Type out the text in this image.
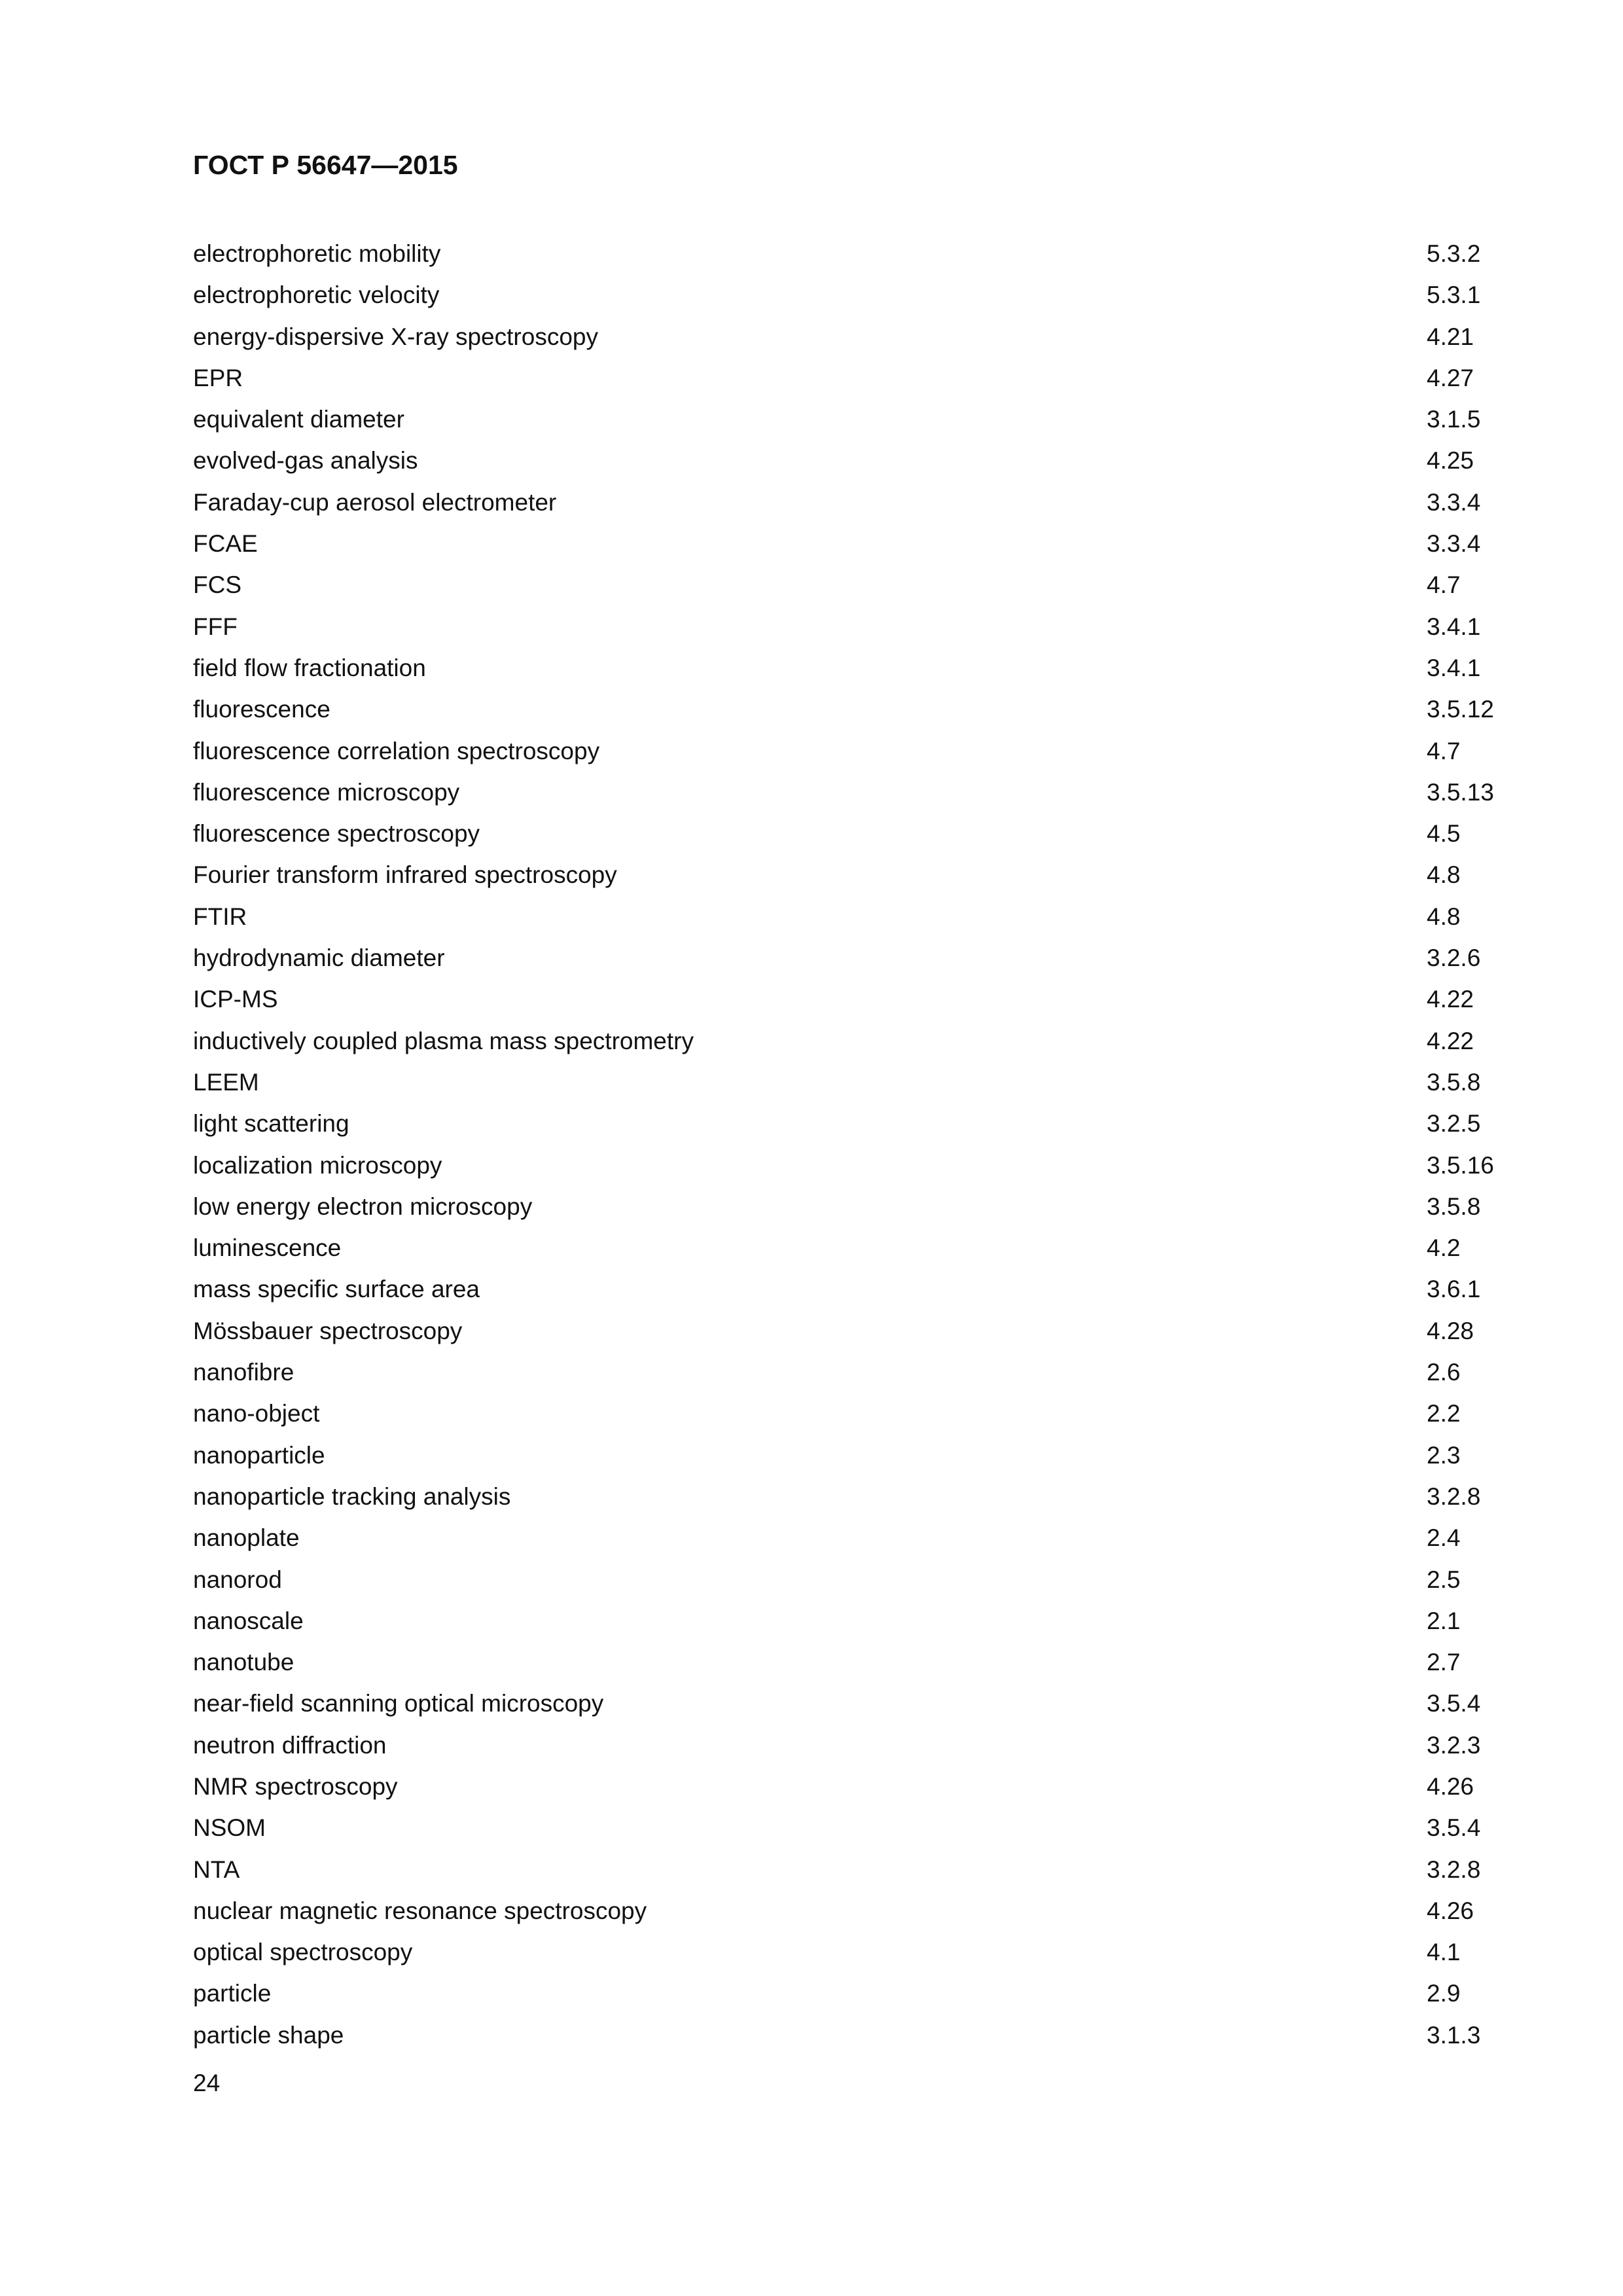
ГОСТ Р 56647—2015
electrophoretic mobility	5.3.2
electrophoretic velocity	5.3.1
energy-dispersive X-ray spectroscopy	4.21
EPR	4.27
equivalent diameter	3.1.5
evolved-gas analysis	4.25
Faraday-cup aerosol electrometer	3.3.4
FCAE	3.3.4
FCS	4.7
FFF	3.4.1
field flow fractionation	3.4.1
fluorescence	3.5.12
fluorescence correlation spectroscopy	4.7
fluorescence microscopy	3.5.13
fluorescence spectroscopy	4.5
Fourier transform infrared spectroscopy	4.8
FTIR	4.8
hydrodynamic diameter	3.2.6
ICP-MS	4.22
inductively coupled plasma mass spectrometry	4.22
LEEM	3.5.8
light scattering	3.2.5
localization microscopy	3.5.16
low energy electron microscopy	3.5.8
luminescence	4.2
mass specific surface area	3.6.1
Mössbauer spectroscopy	4.28
nanofibre	2.6
nano-object	2.2
nanoparticle	2.3
nanoparticle tracking analysis	3.2.8
nanoplate	2.4
nanorod	2.5
nanoscale	2.1
nanotube	2.7
near-field scanning optical microscopy	3.5.4
neutron diffraction	3.2.3
NMR spectroscopy	4.26
NSOM	3.5.4
NTA	3.2.8
nuclear magnetic resonance spectroscopy	4.26
optical spectroscopy	4.1
particle	2.9
particle shape	3.1.3
24
